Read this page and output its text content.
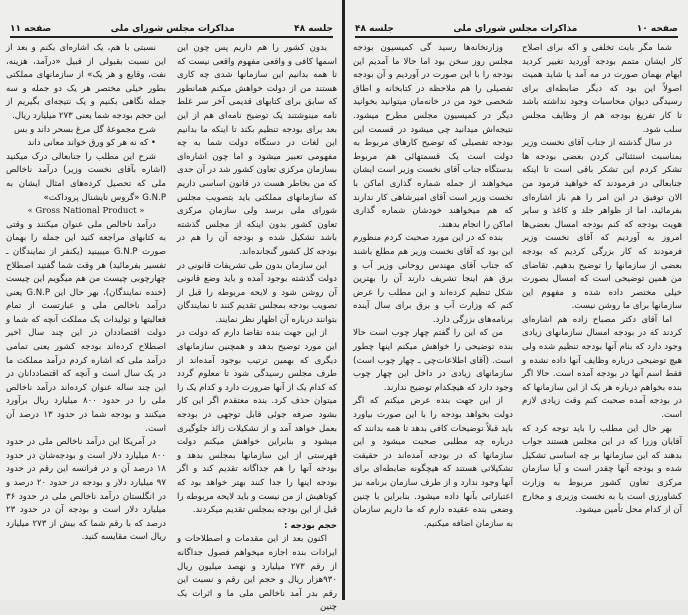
جلسه ۴۸
مذاکرات مجلس شورای ملی
صفحه ۱۱

بدون کشور را هم داریم پس چون این اسمها کافی و واقعی مفهوم واقعی نیست که تا همه بدانیم این سازمانها شدی چه کاری هستند من از دولت خواهش میکنم همانطور که سابق برای کتابهای قدیمی آخر سر غلط نامه مینوشتند یک توضیح نامه‌ای هم از این بعد برای بودجه تنظیم بکند تا اینکه ما بدانیم این لغات در دستگاه دولت شما به چه مفهومی تعبیر میشود و اما چون اشاره‌ای بسازمان مرکزی تعاون کشور شد در آن حدی که من بخاطر هست در قانون اساسی داریم که سازمانهای مملکتی باید بتصویب مجلس شورای ملی برسد ولی سازمان مرکزی تعاون کشور بدون اینکه از مجلس گذشته باشد تشکیل شده و بودجه آن را هم در بودجه کل کشور گنجانده‌اند.

این سازمان بدون طی تشریفات قانونی در دولت گذشته بوجود آمده و باید وضع قانونی آن روشن شود و لایحه مربوطه را قبل از تصویب بودجه بمجلس تقدیم کنند تا نمایندگان بتوانند درباره آن اظهار نظر نمایند.

از این جهت بنده تقاضا دارم که دولت در این مورد توضیح بدهد و همچنین سازمانهای دیگری که بهمین ترتیب بوجود آمده‌اند از طرف مجلس رسیدگی شود تا معلوم گردد که کدام یک از آنها ضرورت دارد و کدام یک را میتوان حذف کرد. بنده معتقدم اگر این کار بشود صرفه جوئی قابل توجهی در بودجه بعمل خواهد آمد و از تشکیلات زائد جلوگیری میشود و بنابراین خواهش میکنم دولت فهرستی از این سازمانها بمجلس بدهد و بودجه آنها را هم جداگانه تقدیم کند و اگر بودجه اینها را جدا کنند بهتر خواهد بود که کوتاهیش از من نیست و باید لایحه مربوطه را قبل از این بودجه بمجلس تقدیم میکردند.

حجم بودجه :

اکنون بعد از این مقدمات و اصطلاحات و ایرادات بنده اجازه میخواهم فصول جداگانه از رقم ۲۷۳ میلیارد و نهصد میلیون ریال ۹۳۰هزار ریال و حجم این رقم و نسبت این رقم بدر آمد ناخالص ملی ما و اثرات یک چنین

نسبتی با هم، یک اشاره‌ای بکنم و بعد از این نسبت بقبولی از قبیل «درآمد، هزینه، نفت، وقایع و هر یک» از سازمانهای مملکتی بطور خیلی مختصر هر یک دو جمله و سه جمله نگاهی بکنیم و یک نتیجه‌ای بگیریم از این حجم بودجه شما یعنی ۲۷۳ میلیارد ریال.

شرح مجموعهٔ گل مرغ بسحر داند و بس

• که نه هر کو ورق خواند معانی داند

شرح این مطلب را جنابعالی درک میکنید (اشاره بآقای نخست وزیر) درآمد ناخالص ملی که تحصیل کرده‌های امثال ایشان به G.N.P «گروس نایشنال پروداکت»

« Gross National Product »

درآمد ناخالص ملی عنوان میکنند و وقتی به کتابهای مراجعه کنید این جمله را بهمان صورت G.N.P میبینید (یکنفر از نمایندگان ـ تفسیر بفرمائید) هر وقت شما گفتید اصطلاح چهارچوبی چیست من هم میگویم این چیست (خنده نمایندگان)، بهر حال این G.N.P یعنی درآمد ناخالص ملی و عبارتست از تمام فعالیتها و تولیدات یک مملکت آنچه که شما و دولت اقتصاددان در این چند سال اخیر اصطلاح کرده‌اند بودجه کشور یعنی تمامی درآمد ملی که اشاره کردم درآمد مملکت ما در یک سال است و آنچه که اقتصاددانان در این چند ساله عنوان کرده‌اند درآمد ناخالص ملی را در حدود ۸۰۰ میلیارد ریال برآورد میکنند و بودجه شما در حدود ۱۳ درصد آن است.

در آمریکا این درآمد ناخالص ملی در حدود ۸۰۰ میلیارد دلار است و بودجه‌شان در حدود ۱۸ درصد آن و در فرانسه این رقم در حدود ۹۷ میلیارد دلار و بودجه در حدود ۲۰ درصد و در انگلستان درآمد ناخالص ملی در حدود ۳۶ میلیارد دلار است و بودجه آن در حدود ۲۳ درصد که با رقم شما که بیش از ۲۷۳ میلیارد ریال است مقایسه کنید.

صفحه ۱۰
مذاکرات مجلس شورای ملی
جلسه ۴۸

شما مگر بابت تخلفی و اکه برای اصلاح کار ایشان متمم بودجه آوردید تغییر کردید ابهام بهمان صورت در مه آمد یا شاید همیت اصولاً این بود که دیگر ضابطه‌ای برای رسیدگی دیوان محاسبات وجود نداشته باشد تا کار تفریغ بودجه هم از وظایف مجلس سلب شود.

در سال گذشته از جناب آقای نخست وزیر بمناسبت استثنائی کردن بعضی بودجه ها تشکر کردم این تشکر باقی است تا اینکه جنابعالی در فرمودند که خواهید فرمود من الان توفیق در این امر را هم باز اشاره‌ای بفرمائید، اما از ظواهر جلد و کاغذ و سایر هویت بودجه که کنم بودجه امسال بعضی‌ها امروز به آوردیم که آقای نخست وزیر فرمودند که کار بزرگی کردیم که بودجه بعضی از سازمانها را توضیح بدهیم. تقاضای من همین توضیحی است که امسال بصورت خیلی مختصر داده شده و مفهوم این سازمانها برای ما روشن نیست.

اما آقای دکتر مصباح زاده هم اشاره‌ای کردند که در بودجه امسال سازمانهای زیادی وجود دارد که بنام آنها بودجه تنظیم شده ولی هیچ توضیحی درباره وظایف آنها داده نشده و فقط اسم آنها در بودجه آمده است. حالا اگر بنده بخواهم درباره هر یک از این سازمانها که در بودجه آمده صحبت کنم وقت زیادی لازم است.

بهر حال این مطلب را باید توجه کرد که آقایان وزرا که در این مجلس هستند جواب بدهند که این سازمانها بر چه اساسی تشکیل شده و بودجه آنها چقدر است و آیا سازمان مرکزی تعاون کشور مربوط به وزارت کشاورزی است یا به نخست وزیری و مخارج آن از کدام محل تأمین میشود.

وزارتخانه‌ها رسید گی کمیسیون بودجه مجلس روز سخن بود اما حالا ما آمدیم این بودجه را با این صورت در آوردیم و آن بودجه تفصیلی را هم ملاحظه در کتابخانه و اطاق شخصی خود من در خانه‌مان میتوانید بخوانید دیگر در کمیسیون مجلس مطرح میشود. نتیجه‌اش میدانید چی میشود در قسمت این بودجه تفصیلی که توضیح کارهای مربوط به دولت است یک قسمتهائی هم مربوط بدستگاه جناب آقای نخست وزیر است ایشان میخواهند از جمله شماره گذاری اماکن با نخست وزیر است آقای امیرشاهی کار ندارند که هم میخواهند خودشان شماره گذاری اماکن را انجام بدهند.

بنده که در این مورد صحبت کردم منظورم این بود که آقای نخست وزیر هم مطلع باشند که جناب آقای مهندس روحانی وزیر آب و برق هم اینجا تشریف دارند آن را بهترین شکل تنظیم کرده‌اند و این مطلب را عرض کنم که وزارت آب و برق برای سال آینده برنامه‌های بزرگی دارد.

من که این را گفتم چهار چوب است حالا بنده توضیحی را خواهش میکنم اینها چطور است. (آقای اطلاعات‌چی ـ چهار چوب است) سازمانهای زیادی در داخل این چهار چوب وجود دارد که هیچکدام توضیح ندارند.

از این جهت بنده عرض میکنم که اگر دولت بخواهد بودجه را با این صورت بیاورد باید قبلاً توضیحات کافی بدهد تا همه بدانند که درباره چه مطلبی صحبت میشود و این سازمانها که در بودجه آمده‌اند در حقیقت تشکیلاتی هستند که هیچگونه ضابطه‌ای برای آنها وجود ندارد و از طرف سازمان برنامه نیز اعتباراتی بآنها داده میشود. بنابراین با چنین وضعی بنده عقیده دارم که ما داریم سازمان به سازمان اضافه میکنیم.
